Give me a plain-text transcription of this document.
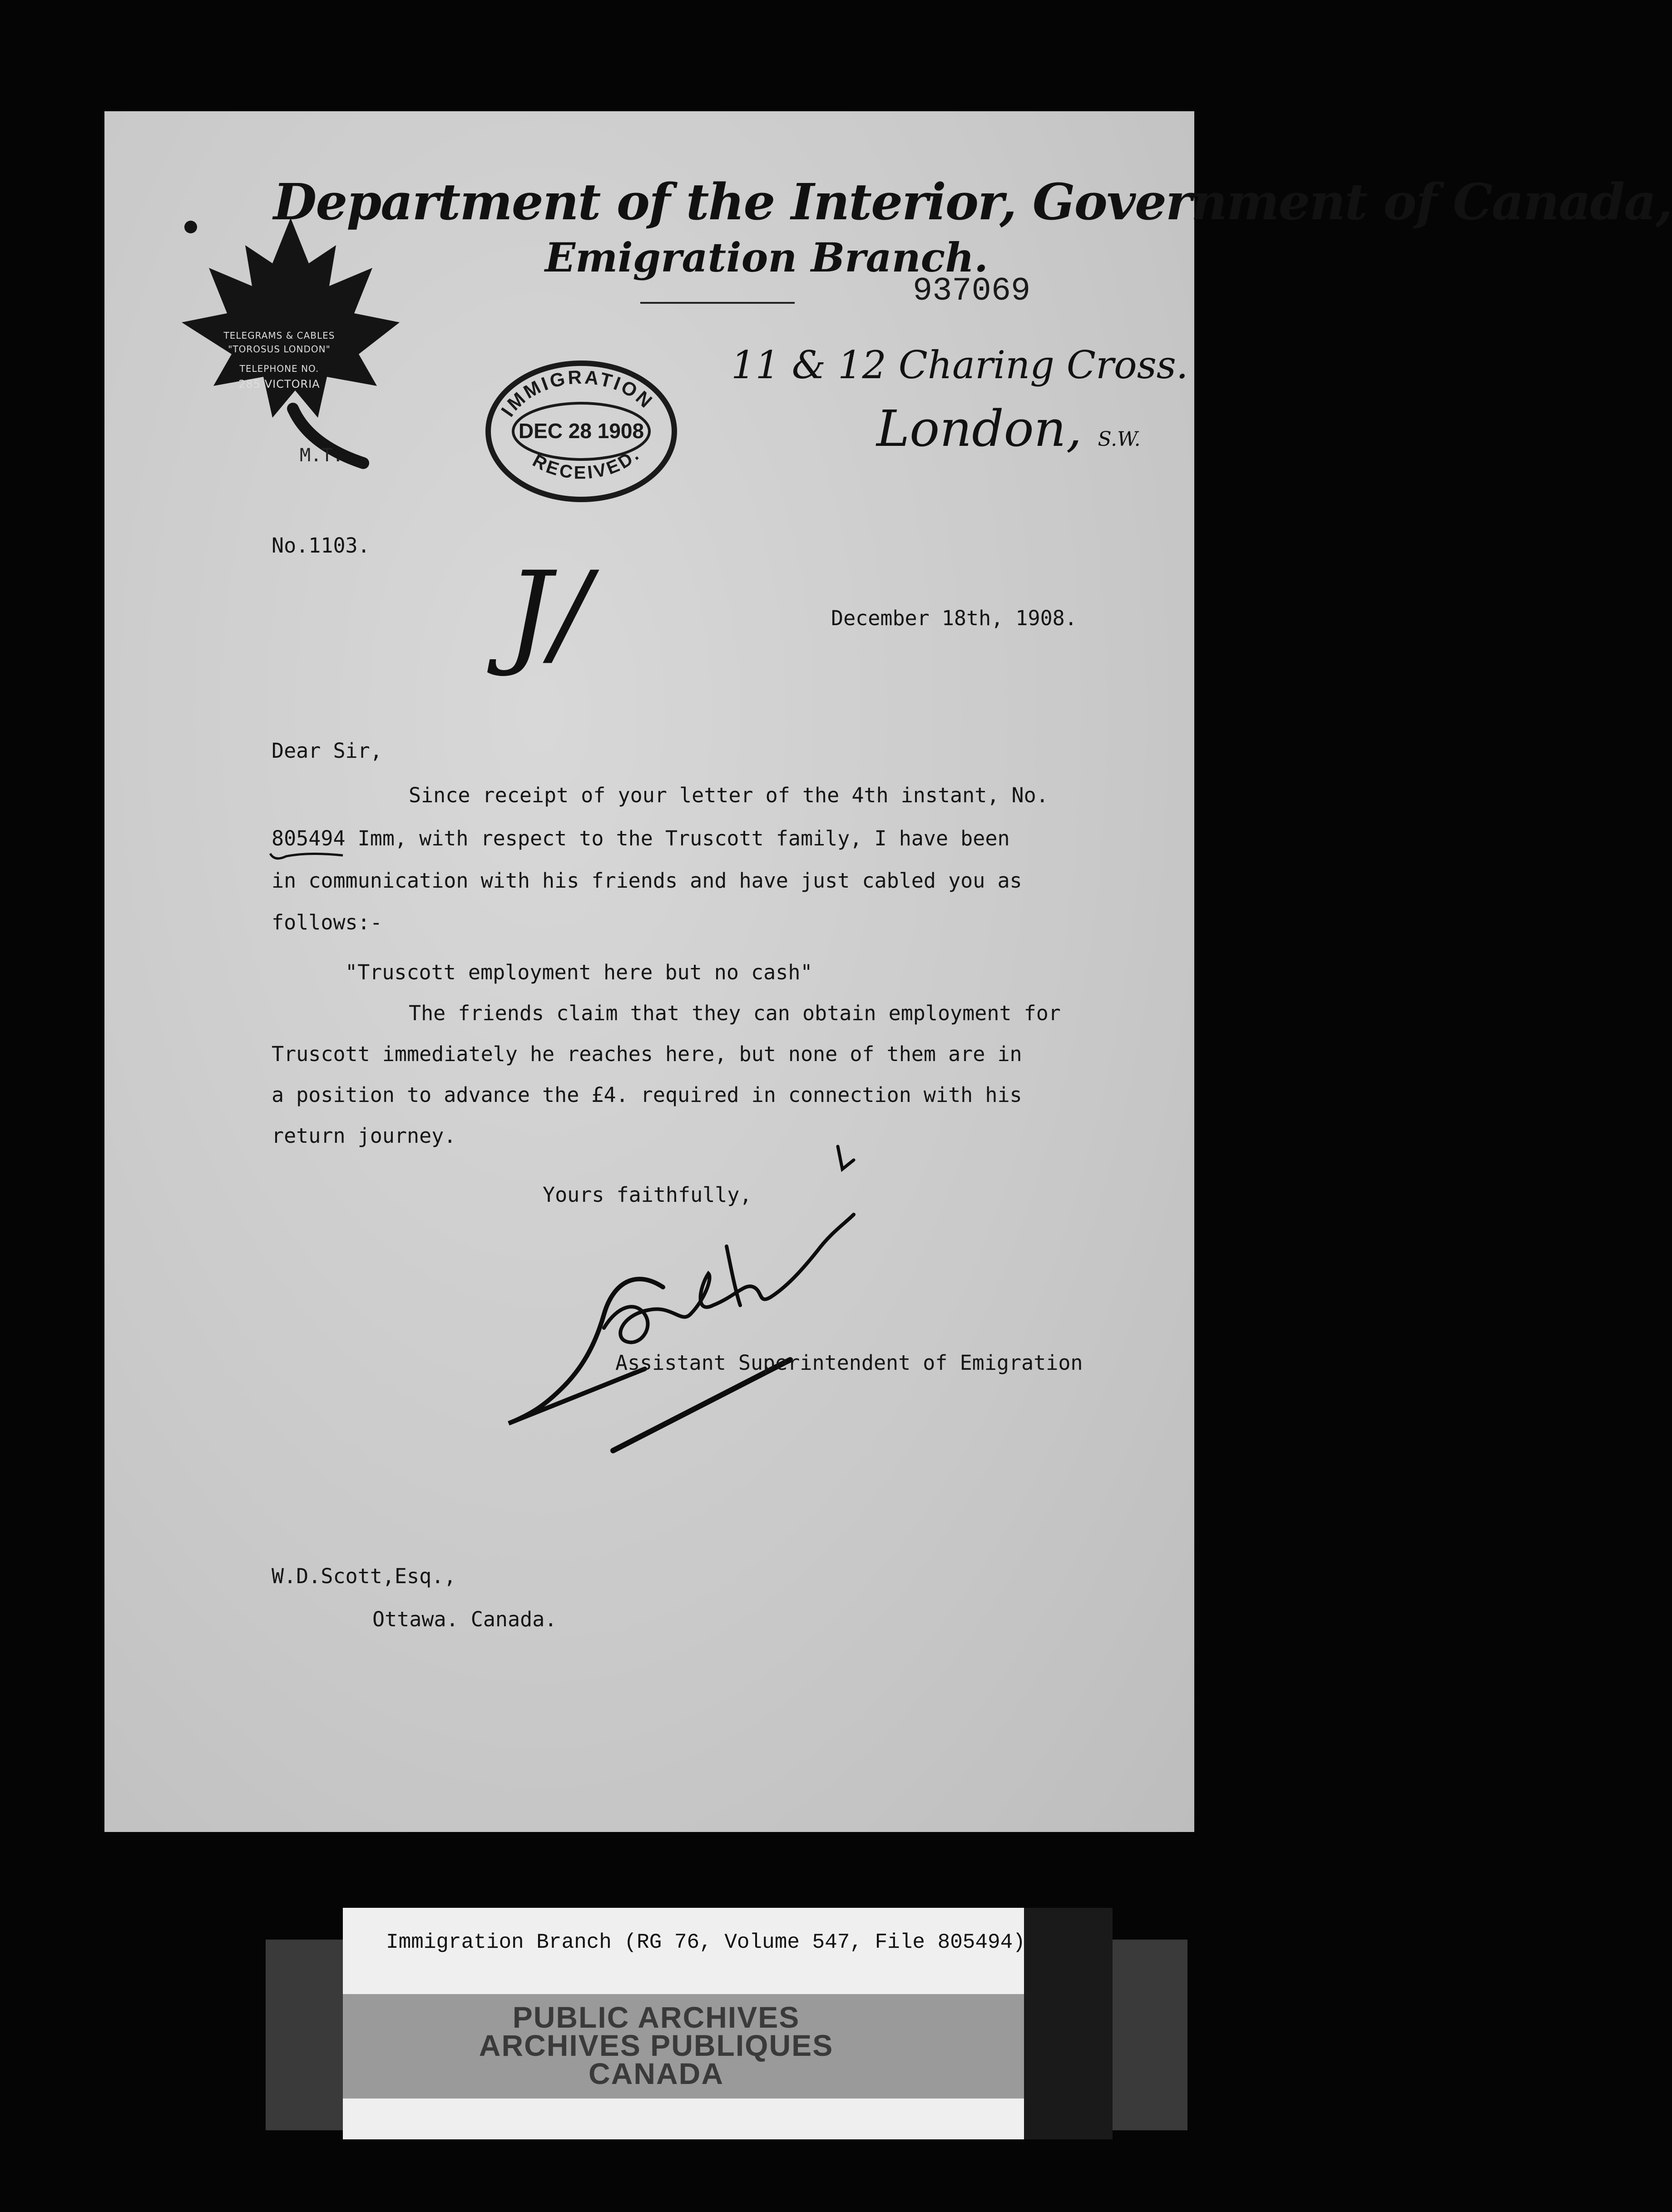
TELEGRAMS & CABLES
"TOROSUS LONDON"
TELEPHONE NO.
285 VICTORIA
M.T.
Department of the Interior, Government of Canada,
Emigration Branch.
937069
11 & 12 Charing Cross.
London, S.W.
IMMIGRATION
DEC 28 1908
RECEIVED.
No.1103.
J/	December 18th, 1908.
Dear Sir,
Since receipt of your letter of the 4th instant, No.
805494 Imm, with respect to the Truscott family, I have been
in communication with his friends and have just cabled you as
follows:-
"Truscott employment here but no cash"
The friends claim that they can obtain employment for
Truscott immediately he reaches here, but none of them are in
a position to advance the £4. required in connection with his
return journey.
Yours faithfully,
Assistant Superintendent of Emigration
W.D.Scott,Esq.,
Ottawa. Canada.
Immigration Branch (RG 76, Volume 547, File 805494)
PUBLIC ARCHIVES
ARCHIVES PUBLIQUES
CANADA
